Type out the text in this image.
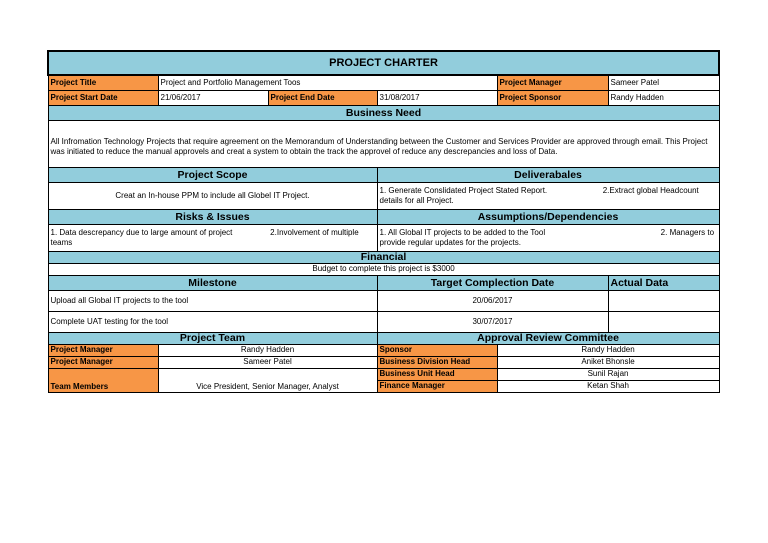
PROJECT CHARTER					
Project Title	Project and Portfolio Management Toos			Project Manager	Sameer Patel
Project Start Date	21/06/2017	Project End Date	31/08/2017	Project Sponsor	Randy Hadden
Business Need					
All Infromation Technology Projects that require agreement on the Memorandum of Understanding between the Customer and Services Provider are approved through email. This Project was initiated to reduce the manual approvels and creat a system to obtain the track the approvel of reduce any descrepancies and loss of Data.					
Project Scope			Deliverabales		
Creat an In-house PPM to include all Globel IT Project.			1. Generate Conslidated Project Stated Report.                         2.Extract global Headcount details for all Project.		
Risks & Issues			Assumptions/Dependencies		
1. Data descrepancy due to large amount of project                 2.Involvement of multiple teams			1. All Global IT projects to be added to the Tool                                                    2. Managers to provide regular updates for the projects.		
Financial					
Budget to complete this project is $3000					
Milestone			Target Complection Date		Actual Data
Upload all Global IT projects to the tool			20/06/2017		
Complete UAT testing for the tool			30/07/2017		
Project Team			Approval Review Committee		
Project Manager	Randy Hadden		Sponsor	Randy Hadden	
Project Manager	Sameer Patel		Business Division Head	Aniket Bhonsle	
Team Members	Vice President, Senior Manager, Analyst		Business Unit Head	Sunil Rajan	
			Finance Manager	Ketan Shah	
